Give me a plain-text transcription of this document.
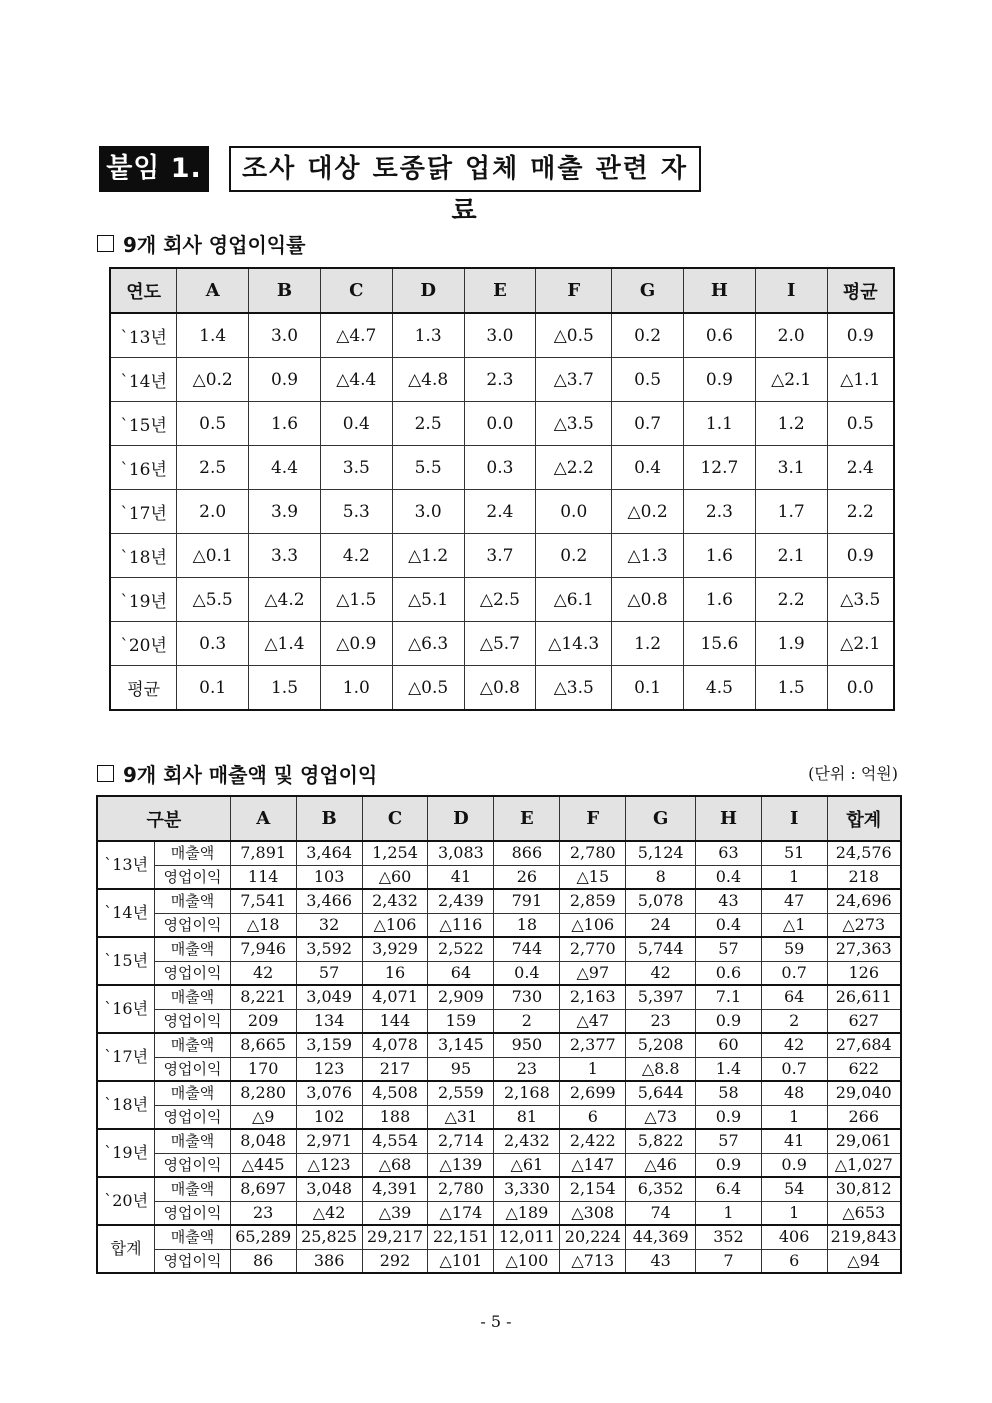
붙임 1.	조사 대상 토종닭 업체 매출 관련 자료
9개 회사 영업이익률
연도	A	B	C	D	E	F	G	H	I	평균
`13년	1.4	3.0	△4.7	1.3	3.0	△0.5	0.2	0.6	2.0	0.9
`14년	△0.2	0.9	△4.4	△4.8	2.3	△3.7	0.5	0.9	△2.1	△1.1
`15년	0.5	1.6	0.4	2.5	0.0	△3.5	0.7	1.1	1.2	0.5
`16년	2.5	4.4	3.5	5.5	0.3	△2.2	0.4	12.7	3.1	2.4
`17년	2.0	3.9	5.3	3.0	2.4	0.0	△0.2	2.3	1.7	2.2
`18년	△0.1	3.3	4.2	△1.2	3.7	0.2	△1.3	1.6	2.1	0.9
`19년	△5.5	△4.2	△1.5	△5.1	△2.5	△6.1	△0.8	1.6	2.2	△3.5
`20년	0.3	△1.4	△0.9	△6.3	△5.7	△14.3	1.2	15.6	1.9	△2.1
평균	0.1	1.5	1.0	△0.5	△0.8	△3.5	0.1	4.5	1.5	0.0
9개 회사 매출액 및 영업이익	(단위 : 억원)
구분		A	B	C	D	E	F	G	H	I	합계
`13년	매출액	7,891	3,464	1,254	3,083	866	2,780	5,124	63	51	24,576
	영업이익	114	103	△60	41	26	△15	8	0.4	1	218
`14년	매출액	7,541	3,466	2,432	2,439	791	2,859	5,078	43	47	24,696
	영업이익	△18	32	△106	△116	18	△106	24	0.4	△1	△273
`15년	매출액	7,946	3,592	3,929	2,522	744	2,770	5,744	57	59	27,363
	영업이익	42	57	16	64	0.4	△97	42	0.6	0.7	126
`16년	매출액	8,221	3,049	4,071	2,909	730	2,163	5,397	7.1	64	26,611
	영업이익	209	134	144	159	2	△47	23	0.9	2	627
`17년	매출액	8,665	3,159	4,078	3,145	950	2,377	5,208	60	42	27,684
	영업이익	170	123	217	95	23	1	△8.8	1.4	0.7	622
`18년	매출액	8,280	3,076	4,508	2,559	2,168	2,699	5,644	58	48	29,040
	영업이익	△9	102	188	△31	81	6	△73	0.9	1	266
`19년	매출액	8,048	2,971	4,554	2,714	2,432	2,422	5,822	57	41	29,061
	영업이익	△445	△123	△68	△139	△61	△147	△46	0.9	0.9	△1,027
`20년	매출액	8,697	3,048	4,391	2,780	3,330	2,154	6,352	6.4	54	30,812
	영업이익	23	△42	△39	△174	△189	△308	74	1	1	△653
합계	매출액	65,289	25,825	29,217	22,151	12,011	20,224	44,369	352	406	219,843
	영업이익	86	386	292	△101	△100	△713	43	7	6	△94
- 5 -
